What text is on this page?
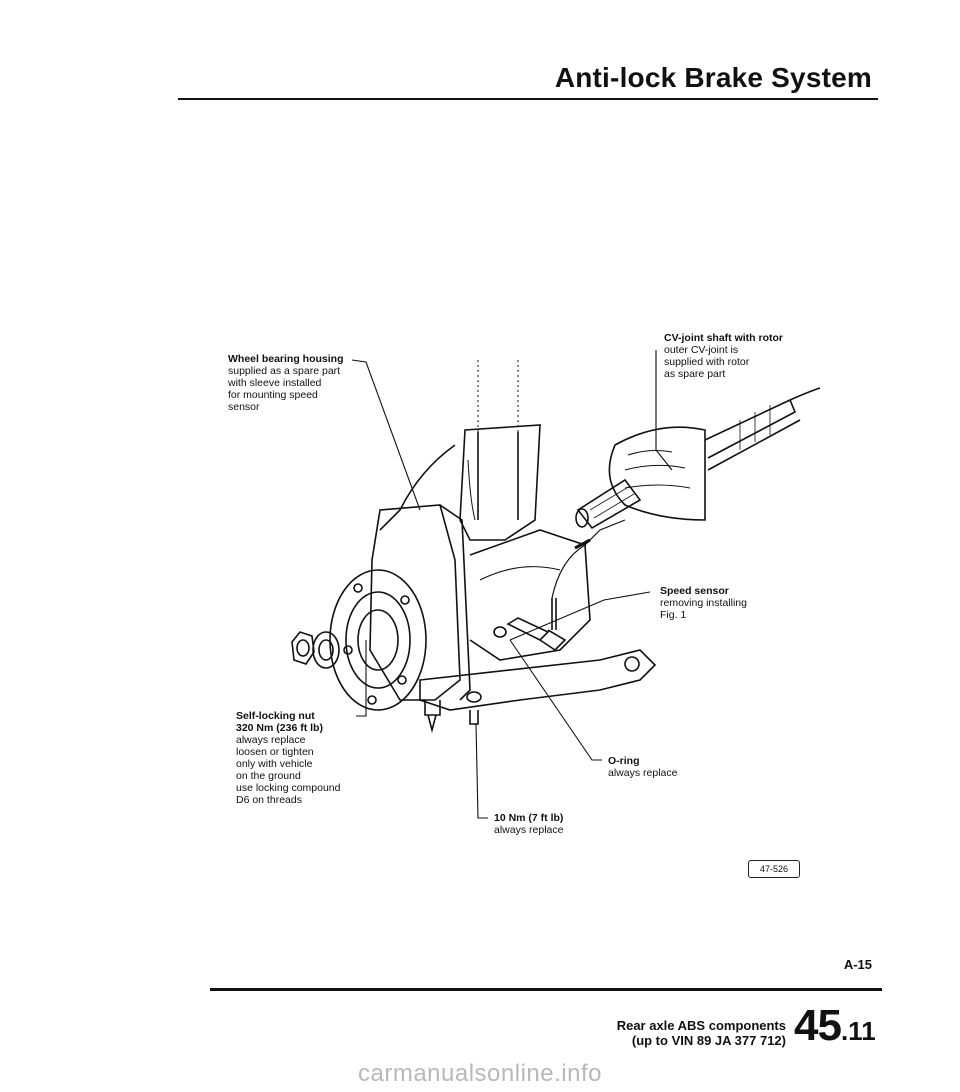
Anti-lock Brake System
Wheel bearing housing
supplied as a spare part
with sleeve installed
for mounting speed
sensor
CV-joint shaft with rotor
outer CV-joint is
supplied with rotor
as spare part
Speed sensor
removing installing
Fig. 1
Self-locking nut
320 Nm (236 ft lb)
always replace
loosen or tighten
only with vehicle
on the ground
use locking compound
D6 on threads
O-ring
always replace
10 Nm (7 ft lb)
always replace
47-526
A-15
Rear axle ABS components
(up to VIN 89 JA 377 712) 45.11
carmanualsonline.info
